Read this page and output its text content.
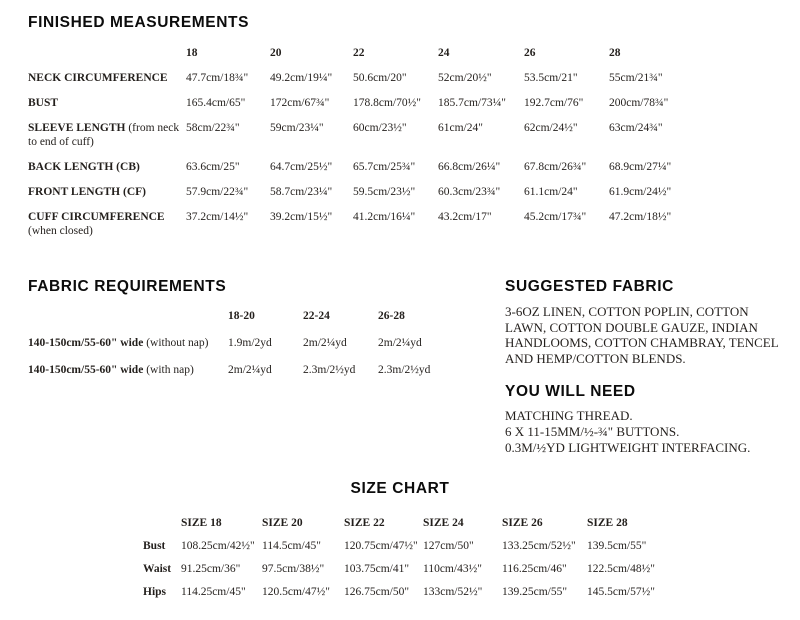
FINISHED MEASUREMENTS
	18	20	22	24	26	28
NECK CIRCUMFERENCE	47.7cm/18¾"	49.2cm/19¼"	50.6cm/20"	52cm/20½"	53.5cm/21"	55cm/21¾"
BUST	165.4cm/65"	172cm/67¾"	178.8cm/70½"	185.7cm/73¼"	192.7cm/76"	200cm/78¾"
SLEEVE LENGTH (from neck to end of cuff)	58cm/22¾"	59cm/23¼"	60cm/23½"	61cm/24"	62cm/24½"	63cm/24¾"
BACK LENGTH (CB)	63.6cm/25"	64.7cm/25½"	65.7cm/25¾"	66.8cm/26¼"	67.8cm/26¾"	68.9cm/27¼"
FRONT LENGTH (CF)	57.9cm/22¾"	58.7cm/23¼"	59.5cm/23½"	60.3cm/23¾"	61.1cm/24"	61.9cm/24½"
CUFF CIRCUMFERENCE (when closed)	37.2cm/14½"	39.2cm/15½"	41.2cm/16¼"	43.2cm/17"	45.2cm/17¾"	47.2cm/18½"
FABRIC REQUIREMENTS
	18-20	22-24	26-28
140-150cm/55-60" wide (without nap)	1.9m/2yd	2m/2¼yd	2m/2¼yd
140-150cm/55-60" wide (with nap)	2m/2¼yd	2.3m/2½yd	2.3m/2½yd
SUGGESTED FABRIC

3-6OZ LINEN, COTTON POPLIN, COTTON LAWN, COTTON DOUBLE GAUZE, INDIAN HANDLOOMS, COTTON CHAMBRAY, TENCEL AND HEMP/COTTON BLENDS.

YOU WILL NEED
MATCHING THREAD.
6 X 11-15MM/½-¾" BUTTONS.
0.3M/½YD LIGHTWEIGHT INTERFACING.
SIZE CHART
	SIZE 18	SIZE 20	SIZE 22	SIZE 24	SIZE 26	SIZE 28
Bust	108.25cm/42½"	114.5cm/45"	120.75cm/47½"	127cm/50"	133.25cm/52½"	139.5cm/55"
Waist	91.25cm/36"	97.5cm/38½"	103.75cm/41"	110cm/43½"	116.25cm/46"	122.5cm/48½"
Hips	114.25cm/45"	120.5cm/47½"	126.75cm/50"	133cm/52½"	139.25cm/55"	145.5cm/57½"
